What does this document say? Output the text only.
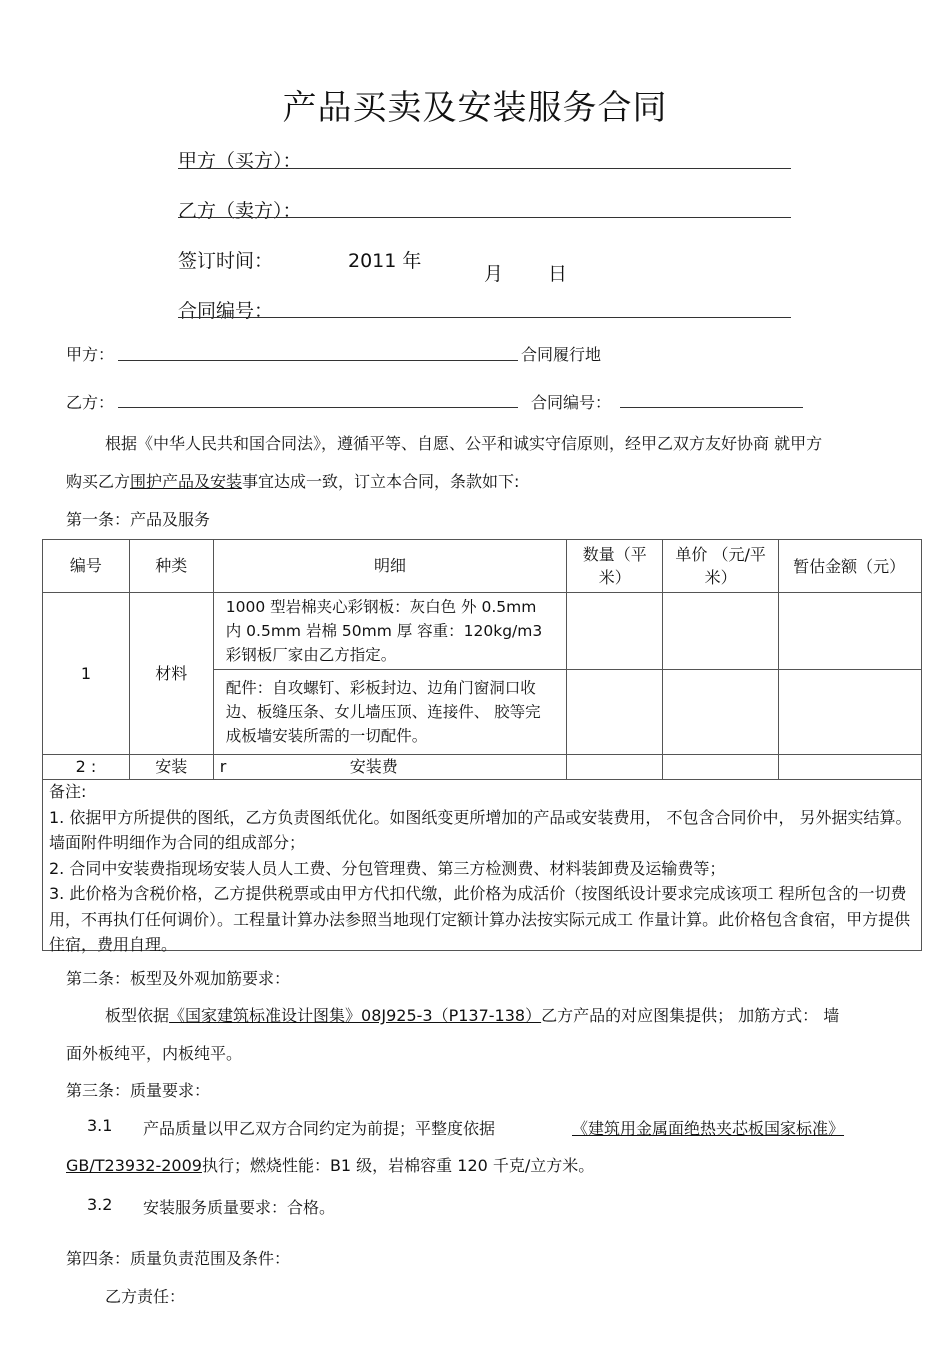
产品买卖及安装服务合同
甲方（买方）：
乙方（卖方）：
签订时间：	2011 年
月 日
合同编号：
甲方：	合同履行地
乙方：	合同编号：
根据《中华人民共和国合同法》，遵循平等、自愿、公平和诚实守信原则，经甲乙双方友好协商 就甲方
购买乙方围护产品及安装事宜达成一致，订立本合同，条款如下:
第一条：产品及服务
编号	种类	明细	数量（平米）	单价 （元/平米）	暂估金额（元）
1	材料	1000 型岩棉夹心彩钢板：灰白色 外 0.5mm 内 0.5mm 岩棉 50mm 厚 容重：120kg/m3 彩钢板厂家由乙方指定。			
		配件：自攻螺钉、彩板封边、边角门窗洞口收边、板缝压条、女儿墙压顶、连接件、 胶等完成板墙安装所需的一切配件。			
2 :	安装	r 安装费			
备注:
1. 依据甲方所提供的图纸，乙方负责图纸优化。如图纸变更所增加的产品或安装费用， 不包含合同价中， 另外据实结算。墙面附件明细作为合同的组成部分；
2. 合同中安装费指现场安装人员人工费、分包管理费、第三方检测费、材料装卸费及运输费等；
3. 此价格为含税价格，乙方提供税票或由甲方代扣代缴，此价格为成活价（按图纸设计要求完成该项工 程所包含的一切费用，不再执仃任何调价）。工程量计算办法参照当地现仃定额计算办法按实际元成工 作量计算。此价格包含食宿，甲方提供住宿，费用自理。
第二条：板型及外观加筋要求：
板型依据《国家建筑标准设计图集》08J925-3（P137-138）乙方产品的对应图集提供； 加筋方式： 墙
面外板纯平，内板纯平。
第三条：质量要求：
3.1 产品质量以甲乙双方合同约定为前提；平整度依据	《建筑用金属面绝热夹芯板国家标准》
GB/T23932-2009执行；燃烧性能：B1 级，岩棉容重 120 千克/立方米。
3.2 安装服务质量要求：合格。
第四条：质量负责范围及条件：
乙方责任：
